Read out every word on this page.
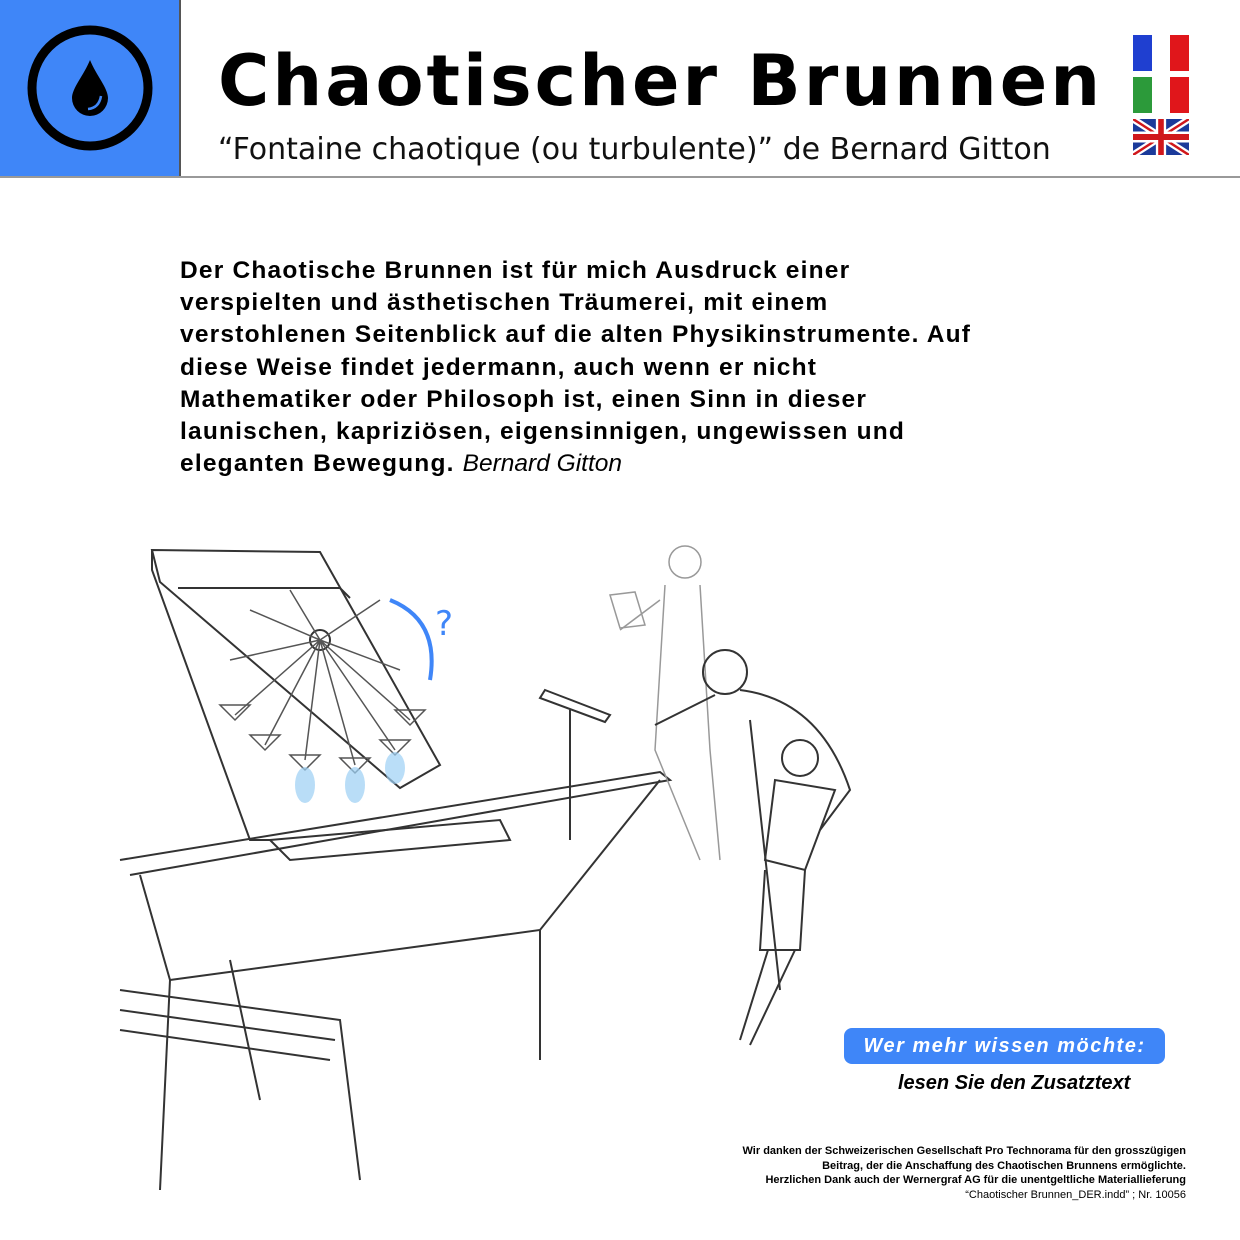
Chaotischer Brunnen
“Fontaine chaotique (ou turbulente)” de Bernard Gitton
Der Chaotische Brunnen ist für mich Ausdruck einer verspielten und ästhetischen Träumerei, mit einem verstohlenen Seitenblick auf die alten Physikinstrumente. Auf diese Weise findet jedermann, auch wenn er nicht Mathematiker oder Philosoph ist, einen Sinn in dieser launischen, kapriziösen, eigensinnigen, ungewissen und eleganten Bewegung. Bernard Gitton
?
Wer mehr wissen möchte:
lesen Sie den Zusatztext
Wir danken der Schweizerischen Gesellschaft Pro Technorama für den grosszügigen
Beitrag, der die Anschaffung des Chaotischen Brunnens ermöglichte.
Herzlichen Dank auch der Wernergraf AG für die unentgeltliche Materiallieferung
“Chaotischer Brunnen_DER.indd” ; Nr. 10056
